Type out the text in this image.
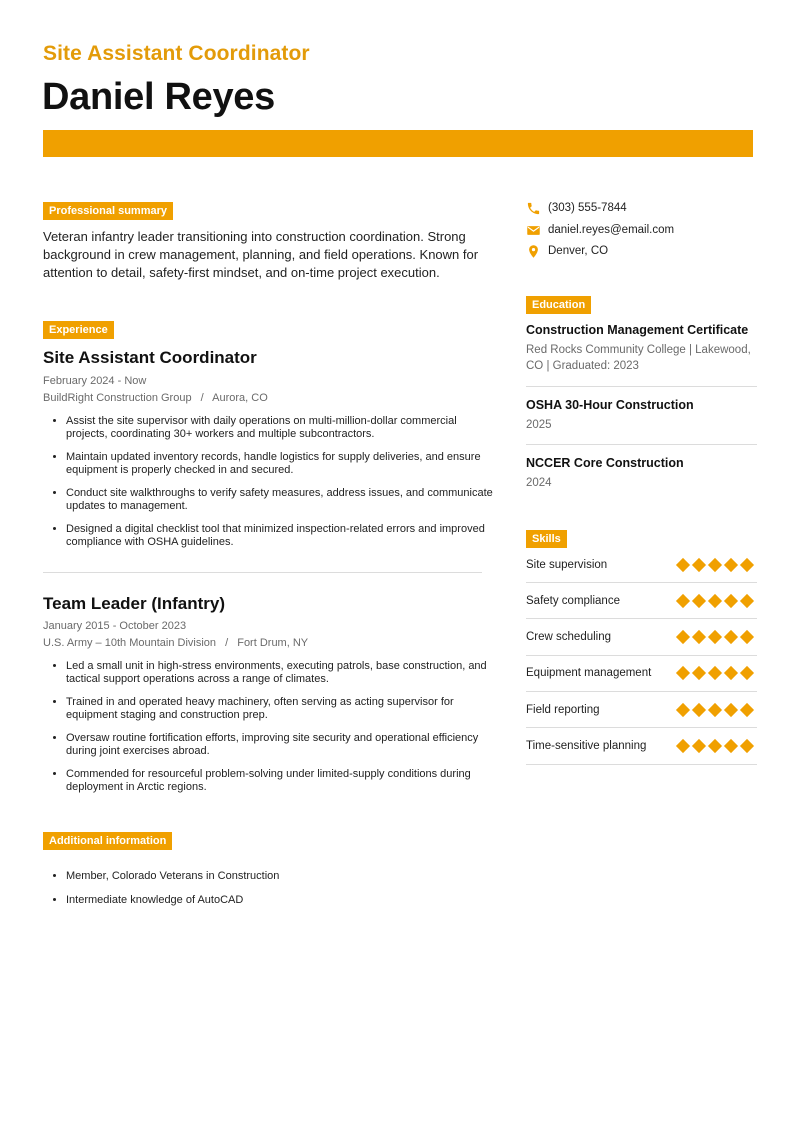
Site Assistant Coordinator
Daniel Reyes
Professional summary

Veteran infantry leader transitioning into construction coordination. Strong background in crew management, planning, and field operations. Known for attention to detail, safety-first mindset, and on-time project execution.

Experience
Site Assistant Coordinator

February 2024 - Now

BuildRight Construction Group / Aurora, CO

• Assist the site supervisor with daily operations on multi-million-dollar commercial projects, coordinating 30+ workers and multiple subcontractors.
• Maintain updated inventory records, handle logistics for supply deliveries, and ensure equipment is properly checked in and secured.
• Conduct site walkthroughs to verify safety measures, address issues, and communicate updates to management.
• Designed a digital checklist tool that minimized inspection-related errors and improved compliance with OSHA guidelines.
Team Leader (Infantry)

January 2015 - October 2023

U.S. Army – 10th Mountain Division / Fort Drum, NY

• Led a small unit in high-stress environments, executing patrols, base construction, and tactical support operations across a range of climates.
• Trained in and operated heavy machinery, often serving as acting supervisor for equipment staging and construction prep.
• Oversaw routine fortification efforts, improving site security and operational efficiency during joint exercises abroad.
• Commended for resourceful problem-solving under limited-supply conditions during deployment in Arctic regions.
Additional information
• Member, Colorado Veterans in Construction
• Intermediate knowledge of AutoCAD
(303) 555-7844
daniel.reyes@email.com
Denver, CO
Education

Construction Management Certificate

Red Rocks Community College | Lakewood, CO | Graduated: 2023

OSHA 30-Hour Construction

2025

NCCER Core Construction

2024

Skills
Site supervision
Safety compliance
Crew scheduling
Equipment management
Field reporting
Time-sensitive planning
